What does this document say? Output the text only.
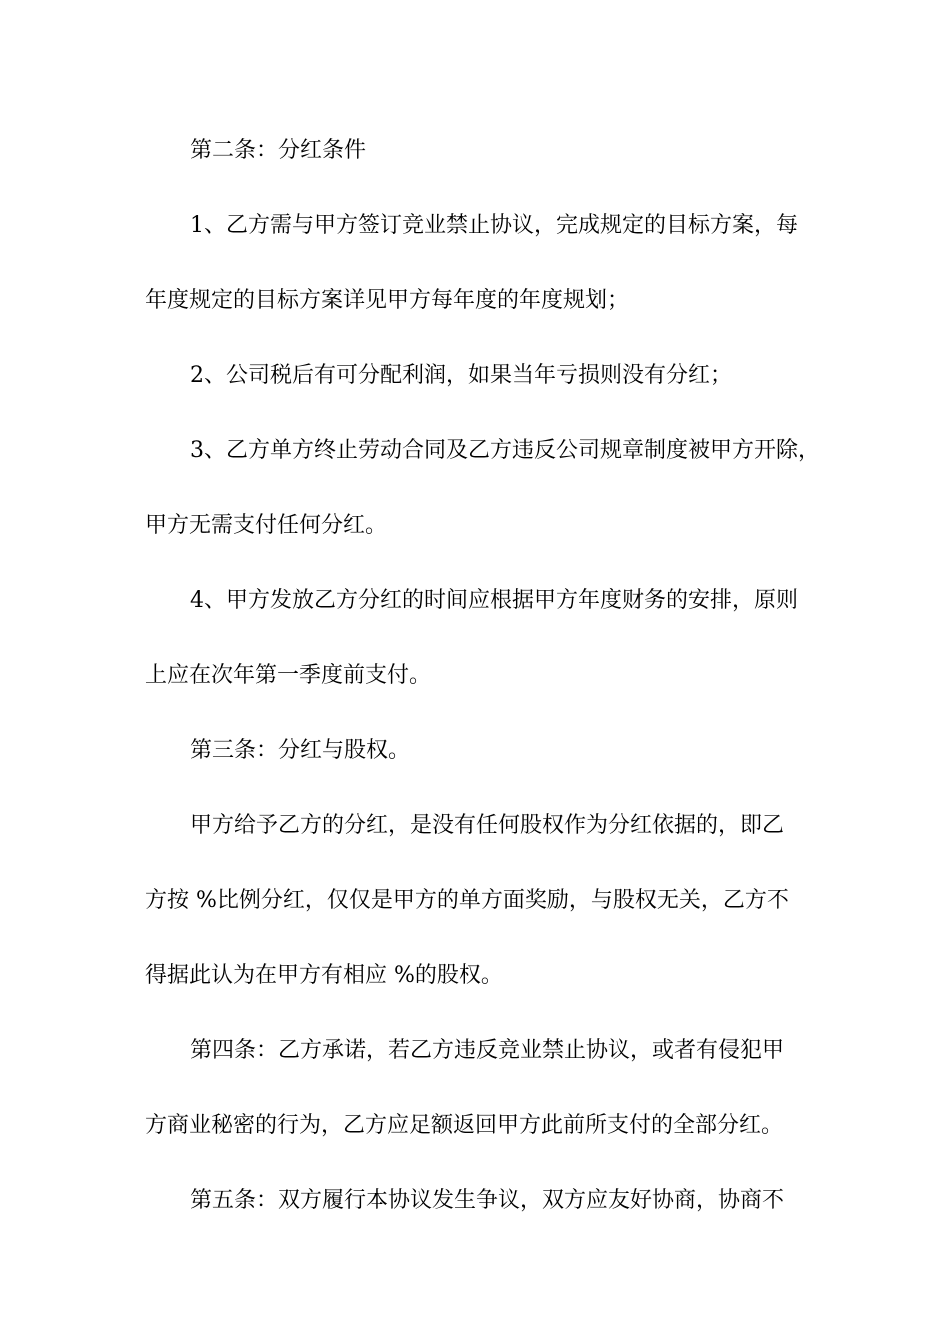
第二条：分红条件
1、乙方需与甲方签订竞业禁止协议，完成规定的目标方案，每
年度规定的目标方案详见甲方每年度的年度规划；
2、公司税后有可分配利润，如果当年亏损则没有分红；
3、乙方单方终止劳动合同及乙方违反公司规章制度被甲方开除，
甲方无需支付任何分红。
4、甲方发放乙方分红的时间应根据甲方年度财务的安排，原则
上应在次年第一季度前支付。
第三条：分红与股权。
甲方给予乙方的分红，是没有任何股权作为分红依据的，即乙
方按 %比例分红，仅仅是甲方的单方面奖励，与股权无关，乙方不
得据此认为在甲方有相应 %的股权。
第四条：乙方承诺，若乙方违反竞业禁止协议，或者有侵犯甲
方商业秘密的行为，乙方应足额返回甲方此前所支付的全部分红。
第五条：双方履行本协议发生争议，双方应友好协商，协商不
